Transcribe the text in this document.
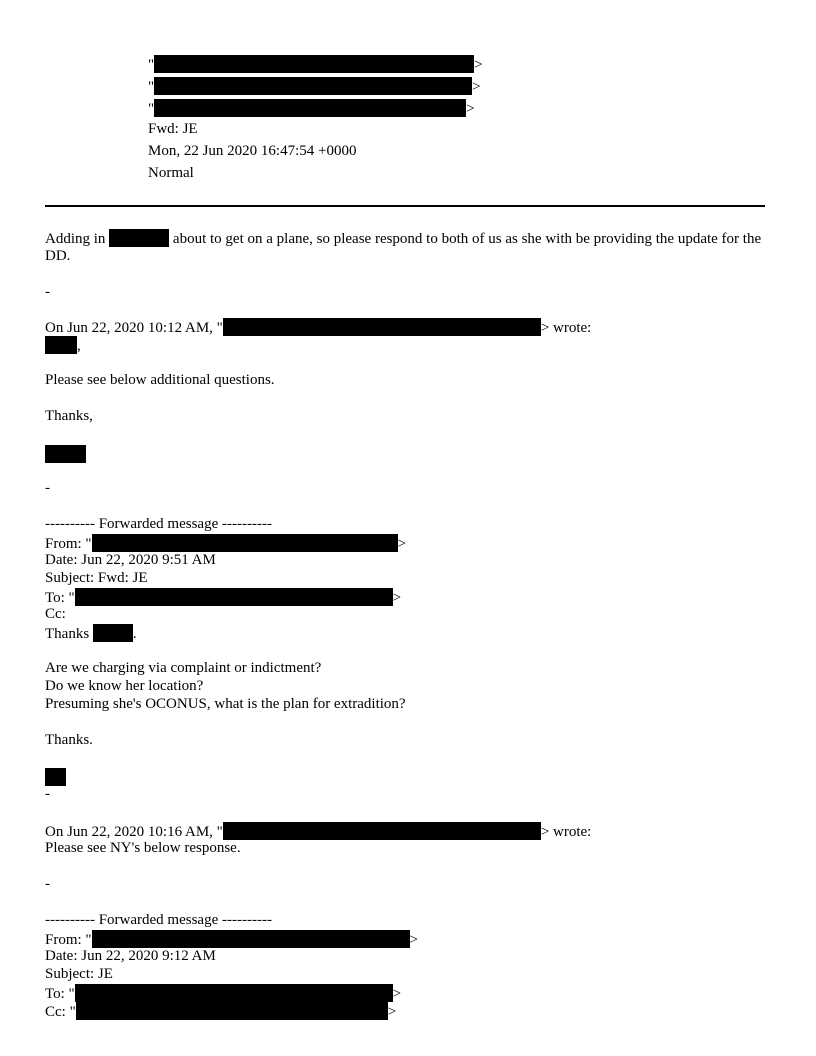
"	>
"	>
"	>
Fwd: JE
Mon, 22 Jun 2020 16:47:54 +0000
Normal
Adding in	about to get on a plane, so please respond to both of us as she with be providing the update for the DD.
-
On Jun 22, 2020 10:12 AM, "	> wrote:
,
Please see below additional questions.
Thanks,
-
---------- Forwarded message ----------
From: "	>
Date: Jun 22, 2020 9:51 AM
Subject: Fwd: JE
To: "	>
Cc:
Thanks	.
Are we charging via complaint or indictment?
Do we know her location?
Presuming she's OCONUS, what is the plan for extradition?
Thanks.
-
On Jun 22, 2020 10:16 AM, "	> wrote:
Please see NY's below response.
-
---------- Forwarded message ----------
From: "	>
Date: Jun 22, 2020 9:12 AM
Subject: JE
To: "	>
Cc: "	>
